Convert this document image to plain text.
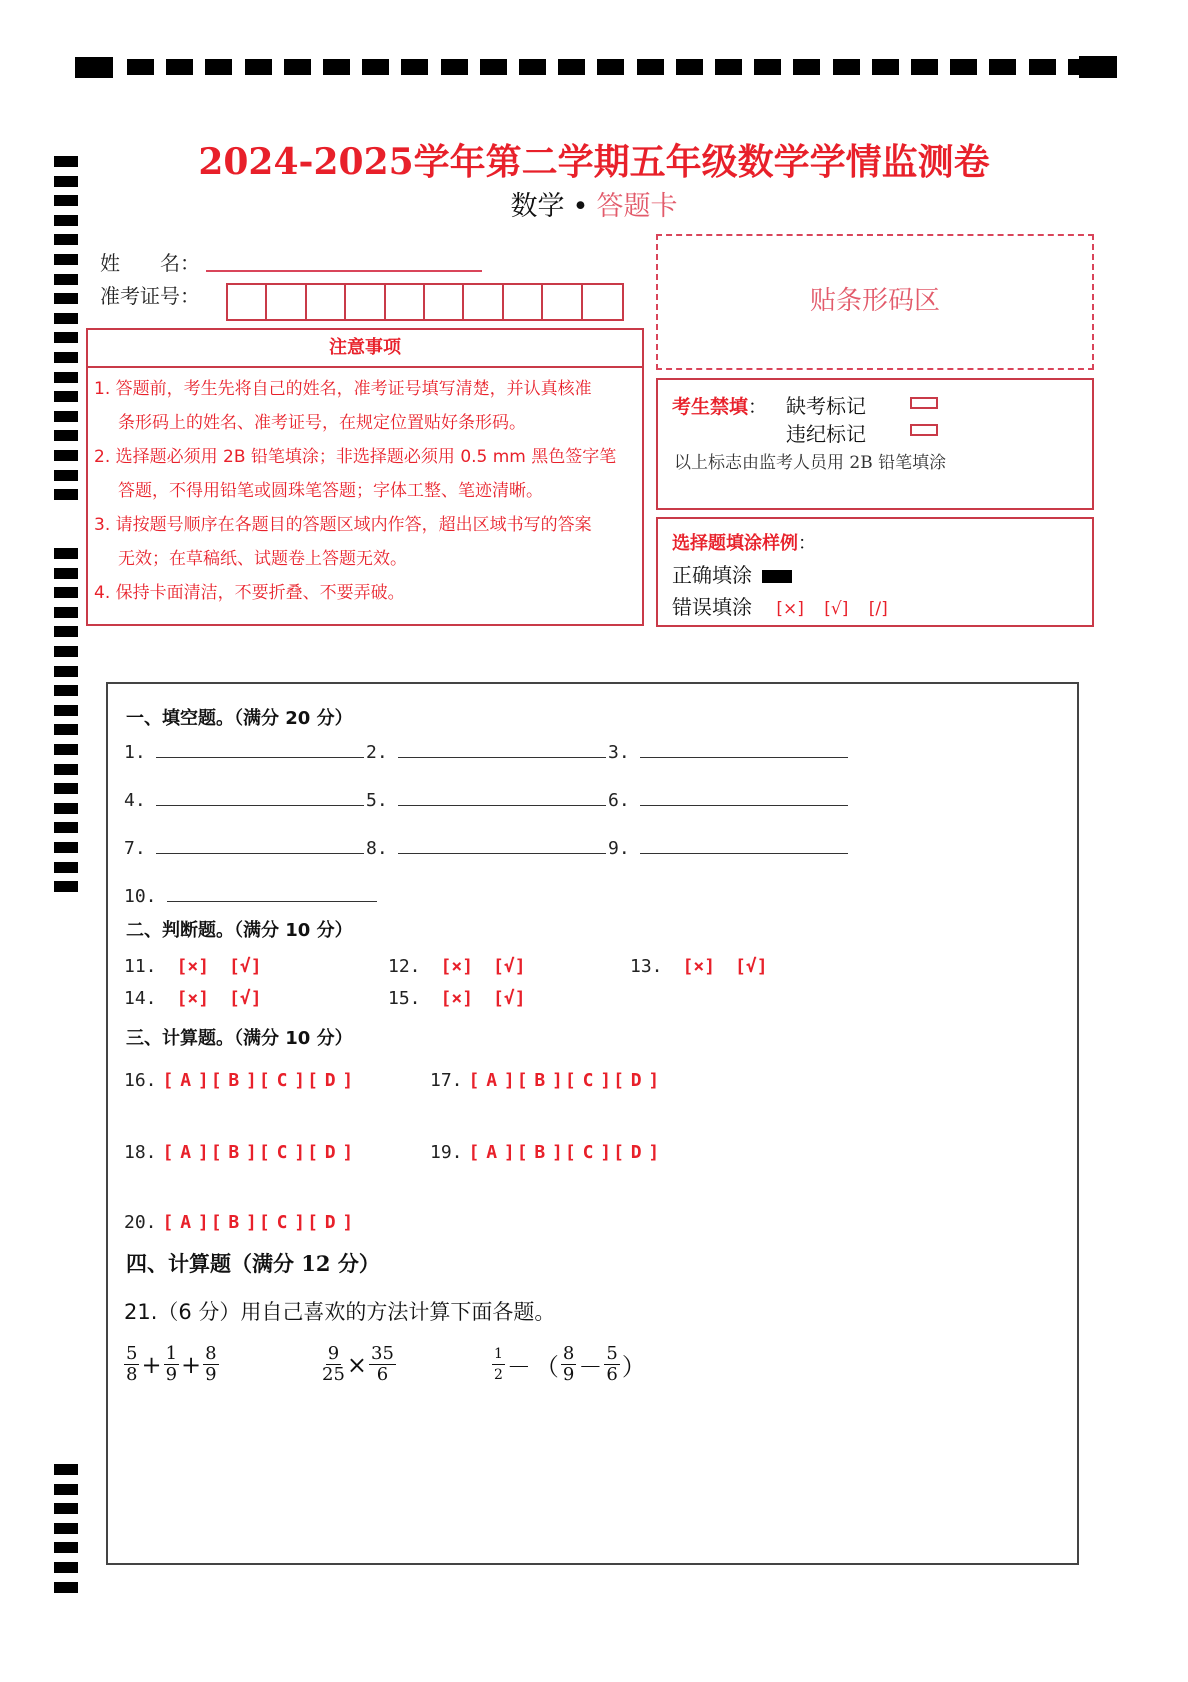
2024-2025学年第二学期五年级数学学情监测卷
数学 • 答题卡
姓　　名：
准考证号：
注意事项
1. 答题前，考生先将自己的姓名，准考证号填写清楚，并认真核准
条形码上的姓名、准考证号，在规定位置贴好条形码。
2. 选择题必须用 2B 铅笔填涂；非选择题必须用 0.5 mm 黑色签字笔
答题，不得用铅笔或圆珠笔答题；字体工整、笔迹清晰。
3. 请按题号顺序在各题目的答题区域内作答，超出区域书写的答案
无效；在草稿纸、试题卷上答题无效。
4. 保持卡面清洁，不要折叠、不要弄破。
贴条形码区
考生禁填： 缺考标记
违纪标记
以上标志由监考人员用 2B 铅笔填涂
选择题填涂样例：
正确填涂
错误填涂 [×] [√] [/]
一、填空题。（满分 20 分）
二、判断题。（满分 10 分）
三、计算题。（满分 10 分）
四、计算题（满分 12 分）
21.（6 分）用自己喜欢的方法计算下面各题。
$\frac{5}{8} + \frac{1}{9} + \frac{8}{9}$	$\frac{9}{25} \times \frac{35}{6}$	$\frac{1}{2}$ － （ $\frac{8}{9} - \frac{5}{6}$ ）
1.	2.	3.
4.	5.	6.
7.	8.	9.
10.
11. [×] [√]	12. [×] [√]	13. [×] [√]
14. [×] [√]	15. [×] [√]
16. [ A ] [ B ] [ C ] [ D ]	17. [ A ] [ B ] [ C ] [ D ]
18. [ A ] [ B ] [ C ] [ D ]	19. [ A ] [ B ] [ C ] [ D ]
20. [ A ] [ B ] [ C ] [ D ]
